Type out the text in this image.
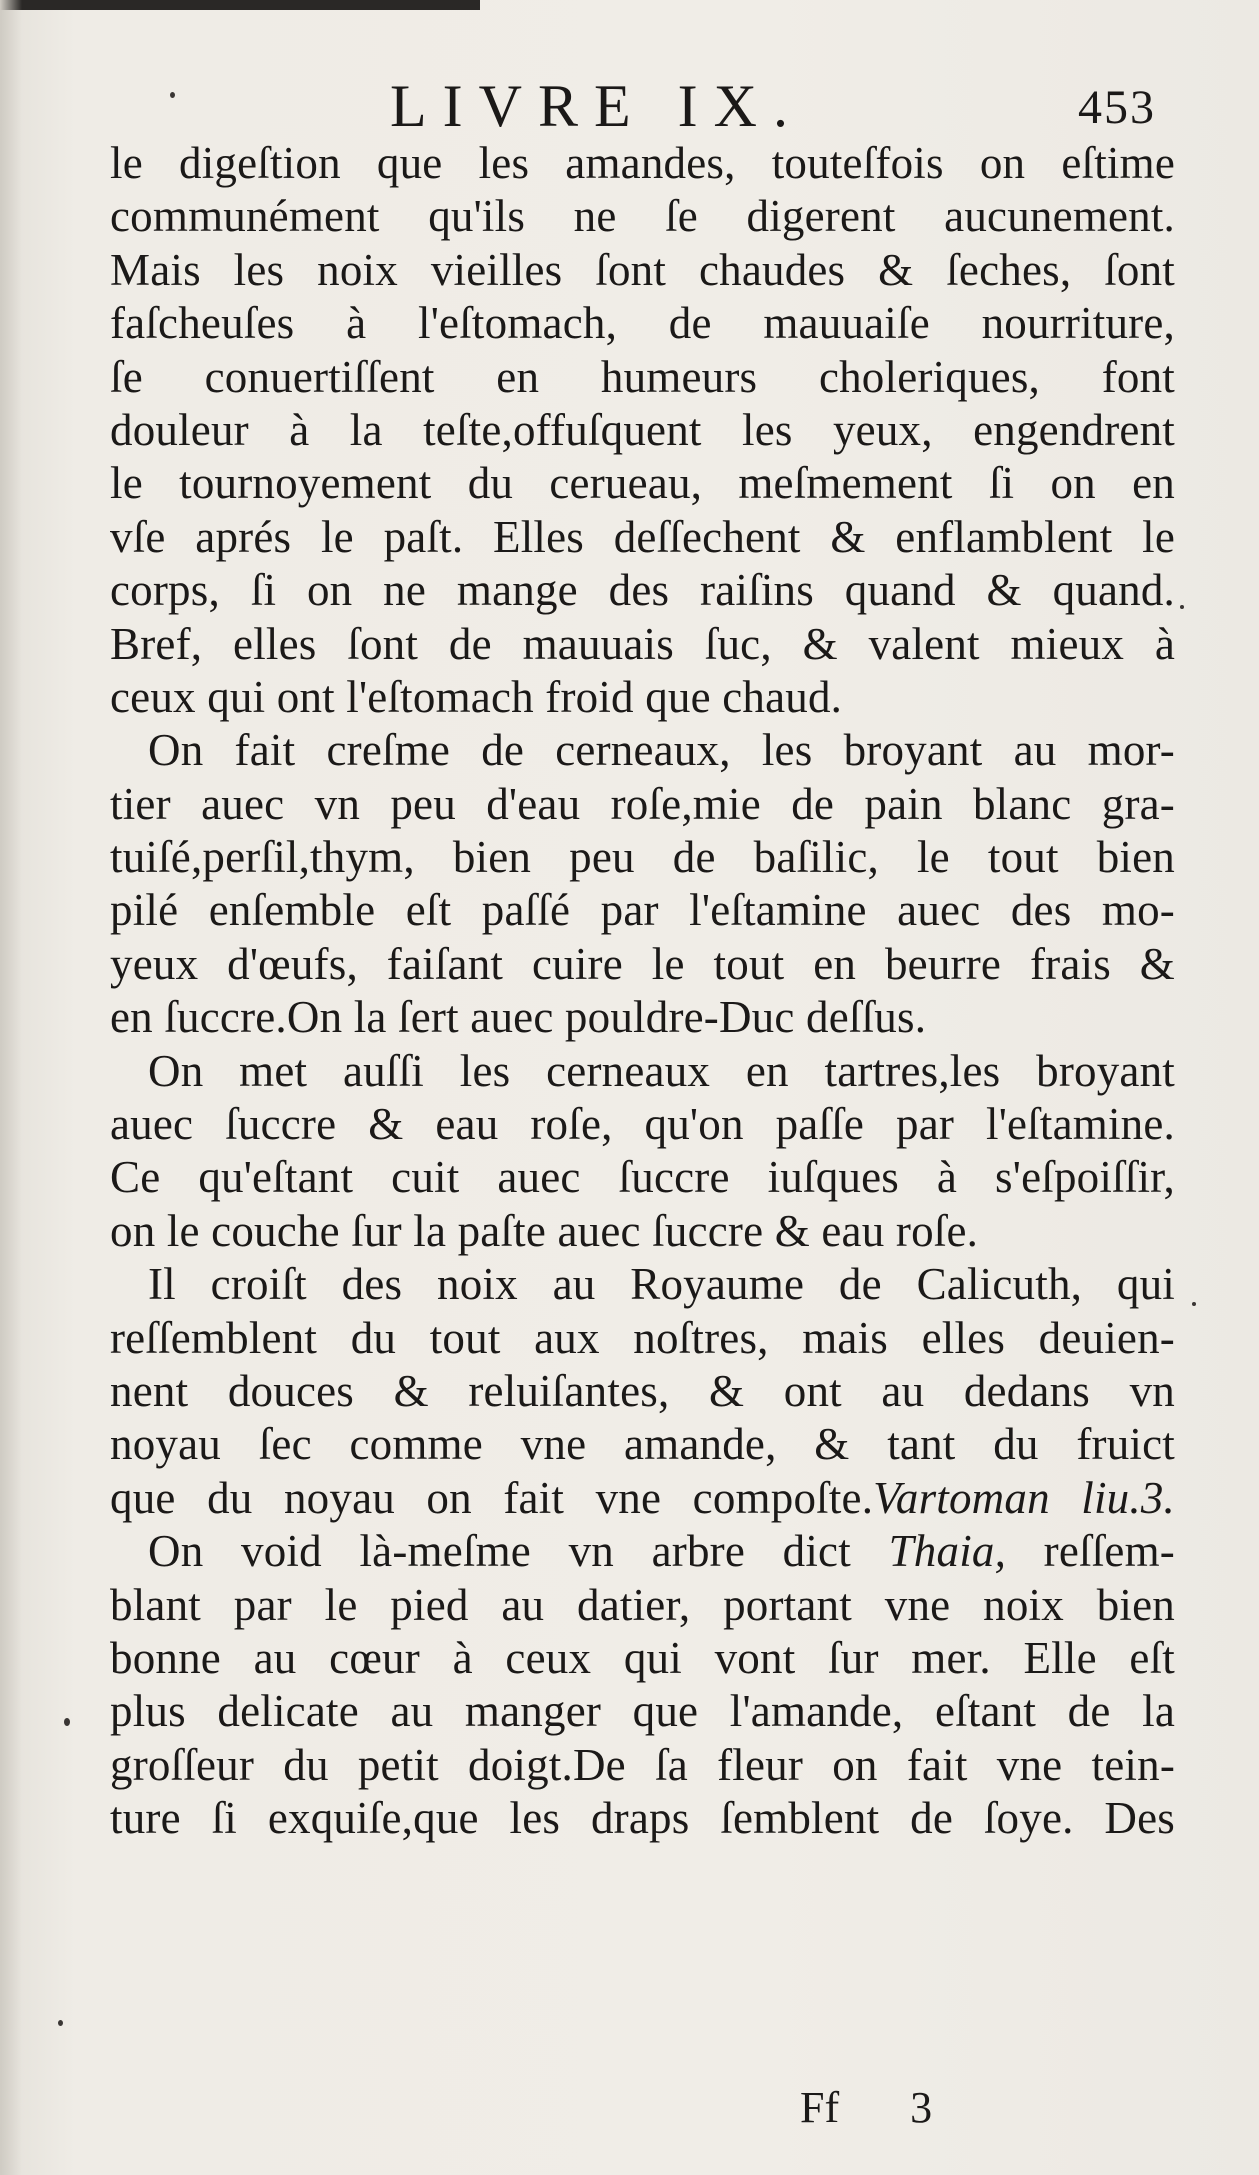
LIVRE IX.	453
le digeſtion que les amandes, touteſfois on eſtime
communément qu'ils ne ſe digerent aucunement.
Mais les noix vieilles ſont chaudes & ſeches, ſont
faſcheuſes à l'eſtomach, de mauuaiſe nourriture,
ſe conuertiſſent en humeurs choleriques, font
douleur à la teſte,offuſquent les yeux, engendrent
le tournoyement du cerueau, meſmement ſi on en
vſe aprés le paſt. Elles deſſechent & enflamblent le
corps, ſi on ne mange des raiſins quand & quand.
Bref, elles ſont de mauuais ſuc, & valent mieux à
ceux qui ont l'eſtomach froid que chaud.
On fait creſme de cerneaux, les broyant au mor-
tier auec vn peu d'eau roſe,mie de pain blanc gra-
tuiſé,perſil,thym, bien peu de baſilic, le tout bien
pilé enſemble eſt paſſé par l'eſtamine auec des mo-
yeux d'œufs, faiſant cuire le tout en beurre frais &
en ſuccre.On la ſert auec pouldre-Duc deſſus.
On met auſſi les cerneaux en tartres,les broyant
auec ſuccre & eau roſe, qu'on paſſe par l'eſtamine.
Ce qu'eſtant cuit auec ſuccre iuſques à s'eſpoiſſir,
on le couche ſur la paſte auec ſuccre & eau roſe.
Il croiſt des noix au Royaume de Calicuth, qui
reſſemblent du tout aux noſtres, mais elles deuien-
nent douces & reluiſantes, & ont au dedans vn
noyau ſec comme vne amande, & tant du fruict
que du noyau on fait vne compoſte.Vartoman liu.3.
On void là-meſme vn arbre dict Thaia, reſſem-
blant par le pied au datier, portant vne noix bien
bonne au cœur à ceux qui vont ſur mer. Elle eſt
plus delicate au manger que l'amande, eſtant de la
groſſeur du petit doigt.De ſa fleur on fait vne tein-
ture ſi exquiſe,que les draps ſemblent de ſoye. Des
Ff 3
